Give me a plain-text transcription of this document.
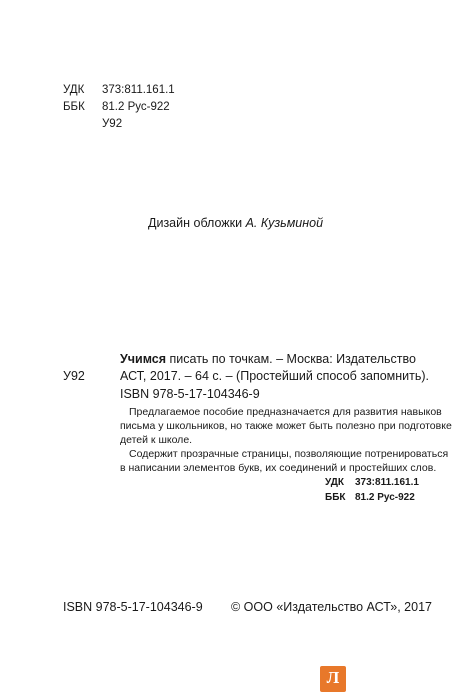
УДК 373:811.161.1
ББК 81.2 Рус-922
У92
Дизайн обложки А. Кузьминой
У92
Учимся писать по точкам. – Москва: Издательство
АСТ, 2017. – 64 с. – (Простейший способ запомнить).
ISBN 978-5-17-104346-9
Предлагаемое пособие предназначается для развития навыков
письма у школьников, но также может быть полезно при подготовке
детей к школе.
Содержит прозрачные страницы, позволяющие потренироваться
в написании элементов букв, их соединений и простейших слов.
УДК 373:811.161.1
ББК 81.2 Рус-922
ISBN 978-5-17-104346-9 © ООО «Издательство АСТ», 2017
Л
